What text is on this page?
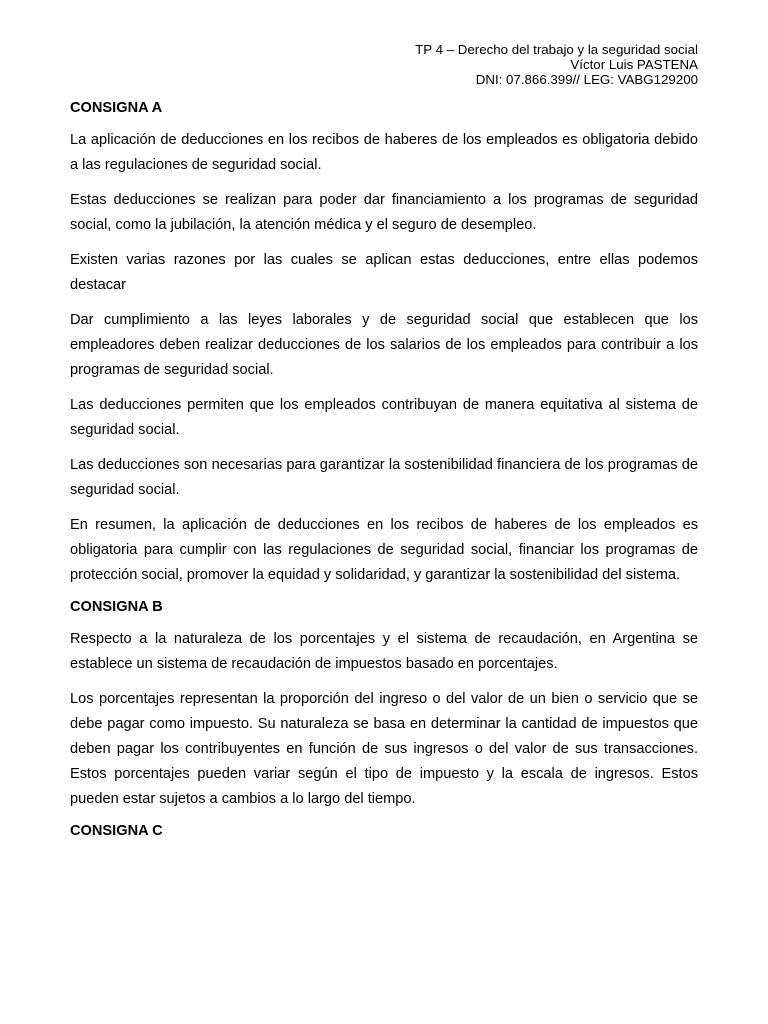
TP 4 – Derecho del trabajo y la seguridad social
Víctor Luis PASTENA
DNI: 07.866.399// LEG: VABG129200
CONSIGNA A

La aplicación de deducciones en los recibos de haberes de los empleados es obligatoria debido a las regulaciones de seguridad social.

Estas deducciones se realizan para poder dar financiamiento a los programas de seguridad social, como la jubilación, la atención médica y el seguro de desempleo.

Existen varias razones por las cuales se aplican estas deducciones, entre ellas podemos destacar

Dar cumplimiento a las leyes laborales y de seguridad social que establecen que los empleadores deben realizar deducciones de los salarios de los empleados para contribuir a los programas de seguridad social.

Las deducciones permiten que los empleados contribuyan de manera equitativa al sistema de seguridad social.

Las deducciones son necesarias para garantizar la sostenibilidad financiera de los programas de seguridad social.

En resumen, la aplicación de deducciones en los recibos de haberes de los empleados es obligatoria para cumplir con las regulaciones de seguridad social, financiar los programas de protección social, promover la equidad y solidaridad, y garantizar la sostenibilidad del sistema.

CONSIGNA B

Respecto a la naturaleza de los porcentajes y el sistema de recaudación, en Argentina se establece un sistema de recaudación de impuestos basado en porcentajes.

Los porcentajes representan la proporción del ingreso o del valor de un bien o servicio que se debe pagar como impuesto. Su naturaleza se basa en determinar la cantidad de impuestos que deben pagar los contribuyentes en función de sus ingresos o del valor de sus transacciones. Estos porcentajes pueden variar según el tipo de impuesto y la escala de ingresos. Estos pueden estar sujetos a cambios a lo largo del tiempo.

CONSIGNA C
